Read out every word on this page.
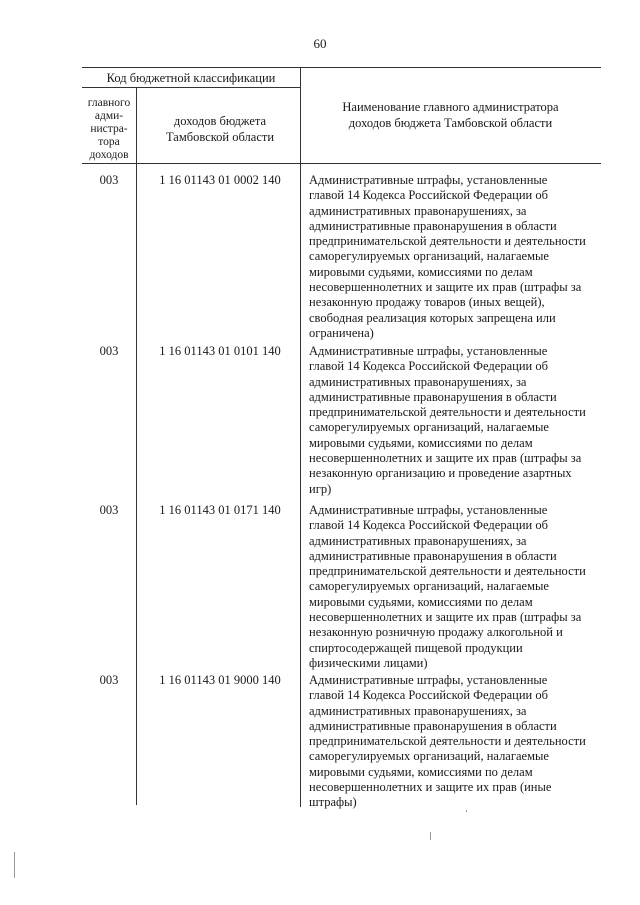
60
Код бюджетной классификации
главного
адми-
нистра-
тора
доходов
доходов бюджета
Тамбовской области
Наименование главного администратора
доходов бюджета Тамбовской области
003	1 16 01143 01 0002 140	Административные штрафы, установленные
главой 14 Кодекса Российской Федерации об
административных правонарушениях, за
административные правонарушения в области
предпринимательской деятельности и деятельности
саморегулируемых организаций, налагаемые
мировыми судьями, комиссиями по делам
несовершеннолетних и защите их прав (штрафы за
незаконную продажу товаров (иных вещей),
свободная реализация которых запрещена или
ограничена)
003	1 16 01143 01 0101 140	Административные штрафы, установленные
главой 14 Кодекса Российской Федерации об
административных правонарушениях, за
административные правонарушения в области
предпринимательской деятельности и деятельности
саморегулируемых организаций, налагаемые
мировыми судьями, комиссиями по делам
несовершеннолетних и защите их прав (штрафы за
незаконную организацию и проведение азартных
игр)
003	1 16 01143 01 0171 140	Административные штрафы, установленные
главой 14 Кодекса Российской Федерации об
административных правонарушениях, за
административные правонарушения в области
предпринимательской деятельности и деятельности
саморегулируемых организаций, налагаемые
мировыми судьями, комиссиями по делам
несовершеннолетних и защите их прав (штрафы за
незаконную розничную продажу алкогольной и
спиртосодержащей пищевой продукции
физическими лицами)
003	1 16 01143 01 9000 140	Административные штрафы, установленные
главой 14 Кодекса Российской Федерации об
административных правонарушениях, за
административные правонарушения в области
предпринимательской деятельности и деятельности
саморегулируемых организаций, налагаемые
мировыми судьями, комиссиями по делам
несовершеннолетних и защите их прав (иные
штрафы)
